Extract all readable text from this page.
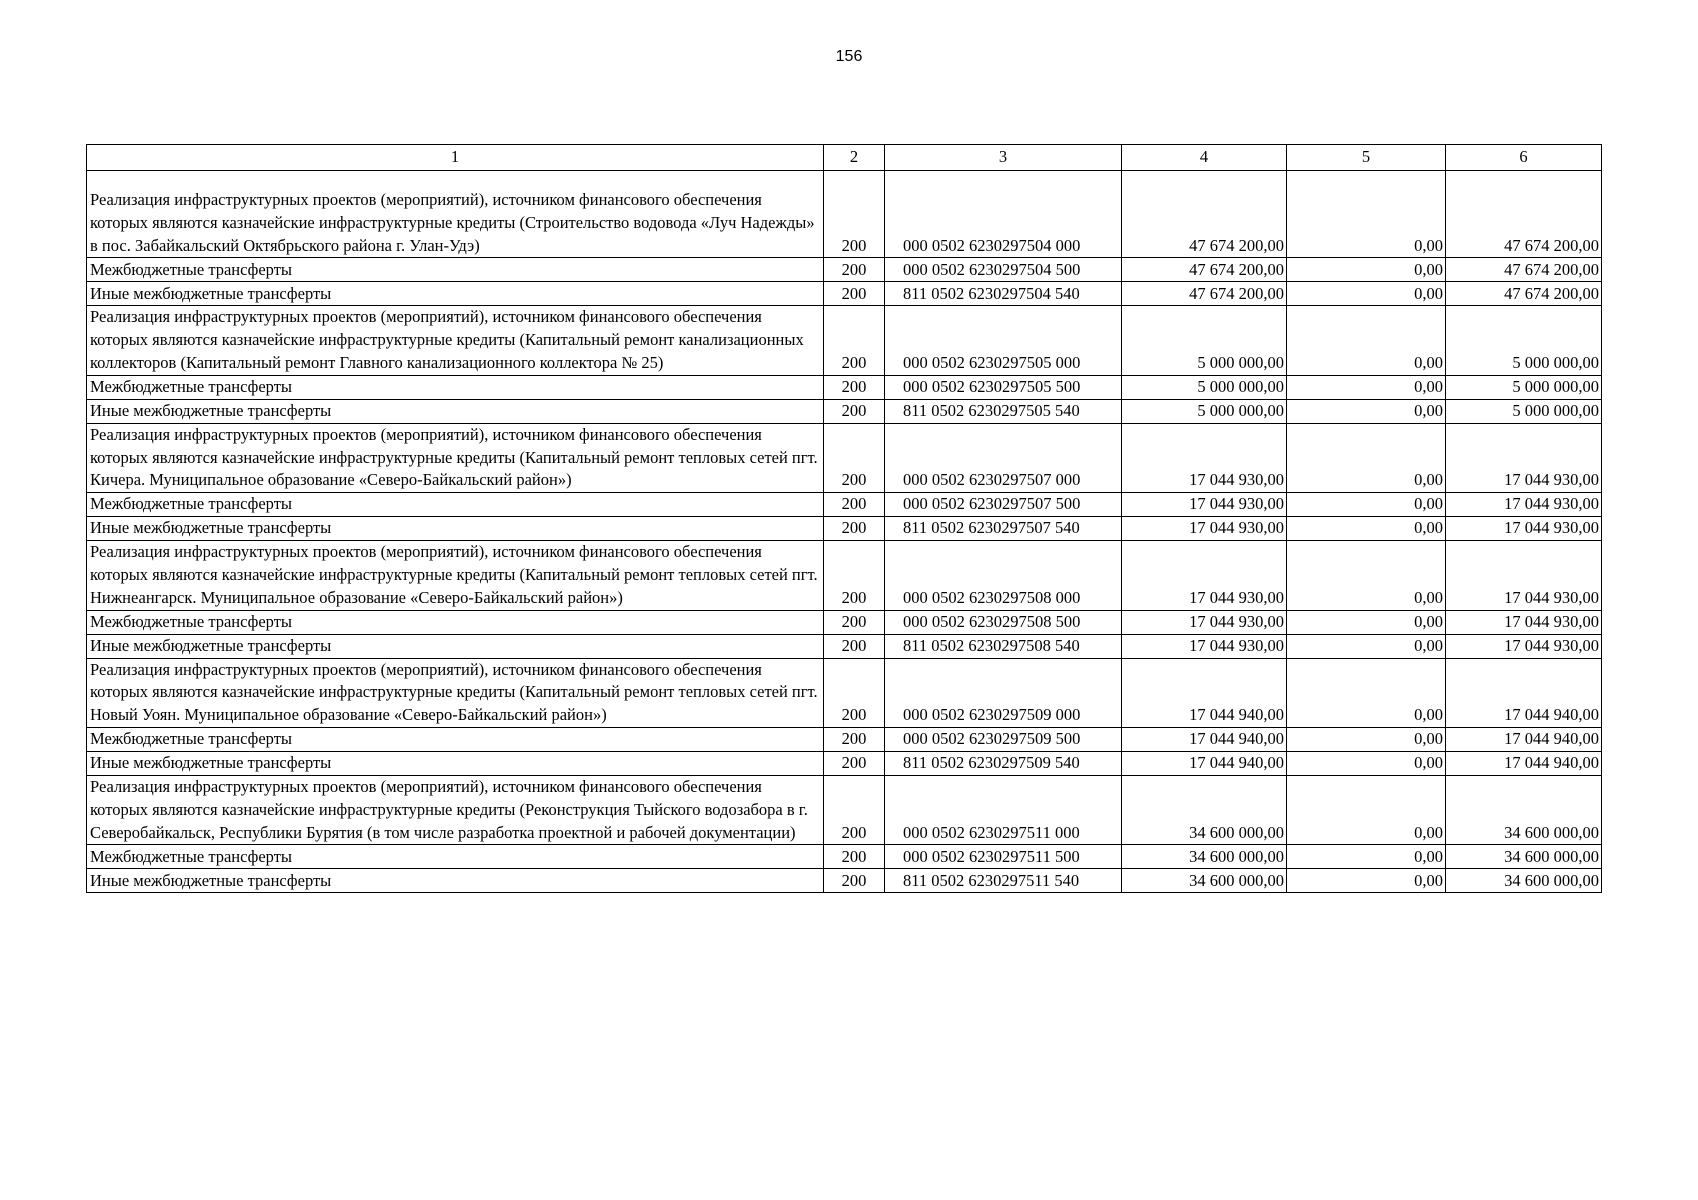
156
1	2	3	4	5	6
Реализация инфраструктурных проектов (мероприятий), источником финансового обеспечения которых являются казначейские инфраструктурные кредиты (Строительство водовода «Луч Надежды» в пос. Забайкальский Октябрьского района г. Улан-Удэ)	200	000 0502 6230297504 000	47 674 200,00	0,00	47 674 200,00
Межбюджетные трансферты	200	000 0502 6230297504 500	47 674 200,00	0,00	47 674 200,00
Иные межбюджетные трансферты	200	811 0502 6230297504 540	47 674 200,00	0,00	47 674 200,00
Реализация инфраструктурных проектов (мероприятий), источником финансового обеспечения которых являются казначейские инфраструктурные кредиты (Капитальный ремонт канализационных коллекторов (Капитальный ремонт Главного канализационного коллектора № 25)	200	000 0502 6230297505 000	5 000 000,00	0,00	5 000 000,00
Межбюджетные трансферты	200	000 0502 6230297505 500	5 000 000,00	0,00	5 000 000,00
Иные межбюджетные трансферты	200	811 0502 6230297505 540	5 000 000,00	0,00	5 000 000,00
Реализация инфраструктурных проектов (мероприятий), источником финансового обеспечения которых являются казначейские инфраструктурные кредиты (Капитальный ремонт тепловых сетей пгт. Кичера. Муниципальное образование «Северо-Байкальский район»)	200	000 0502 6230297507 000	17 044 930,00	0,00	17 044 930,00
Межбюджетные трансферты	200	000 0502 6230297507 500	17 044 930,00	0,00	17 044 930,00
Иные межбюджетные трансферты	200	811 0502 6230297507 540	17 044 930,00	0,00	17 044 930,00
Реализация инфраструктурных проектов (мероприятий), источником финансового обеспечения которых являются казначейские инфраструктурные кредиты (Капитальный ремонт тепловых сетей пгт. Нижнеангарск. Муниципальное образование «Северо-Байкальский район»)	200	000 0502 6230297508 000	17 044 930,00	0,00	17 044 930,00
Межбюджетные трансферты	200	000 0502 6230297508 500	17 044 930,00	0,00	17 044 930,00
Иные межбюджетные трансферты	200	811 0502 6230297508 540	17 044 930,00	0,00	17 044 930,00
Реализация инфраструктурных проектов (мероприятий), источником финансового обеспечения которых являются казначейские инфраструктурные кредиты (Капитальный ремонт тепловых сетей пгт. Новый Уоян. Муниципальное образование «Северо-Байкальский район»)	200	000 0502 6230297509 000	17 044 940,00	0,00	17 044 940,00
Межбюджетные трансферты	200	000 0502 6230297509 500	17 044 940,00	0,00	17 044 940,00
Иные межбюджетные трансферты	200	811 0502 6230297509 540	17 044 940,00	0,00	17 044 940,00
Реализация инфраструктурных проектов (мероприятий), источником финансового обеспечения которых являются казначейские инфраструктурные кредиты (Реконструкция Тыйского водозабора в г. Северобайкальск, Республики Бурятия (в том числе разработка проектной и рабочей документации)	200	000 0502 6230297511 000	34 600 000,00	0,00	34 600 000,00
Межбюджетные трансферты	200	000 0502 6230297511 500	34 600 000,00	0,00	34 600 000,00
Иные межбюджетные трансферты	200	811 0502 6230297511 540	34 600 000,00	0,00	34 600 000,00
